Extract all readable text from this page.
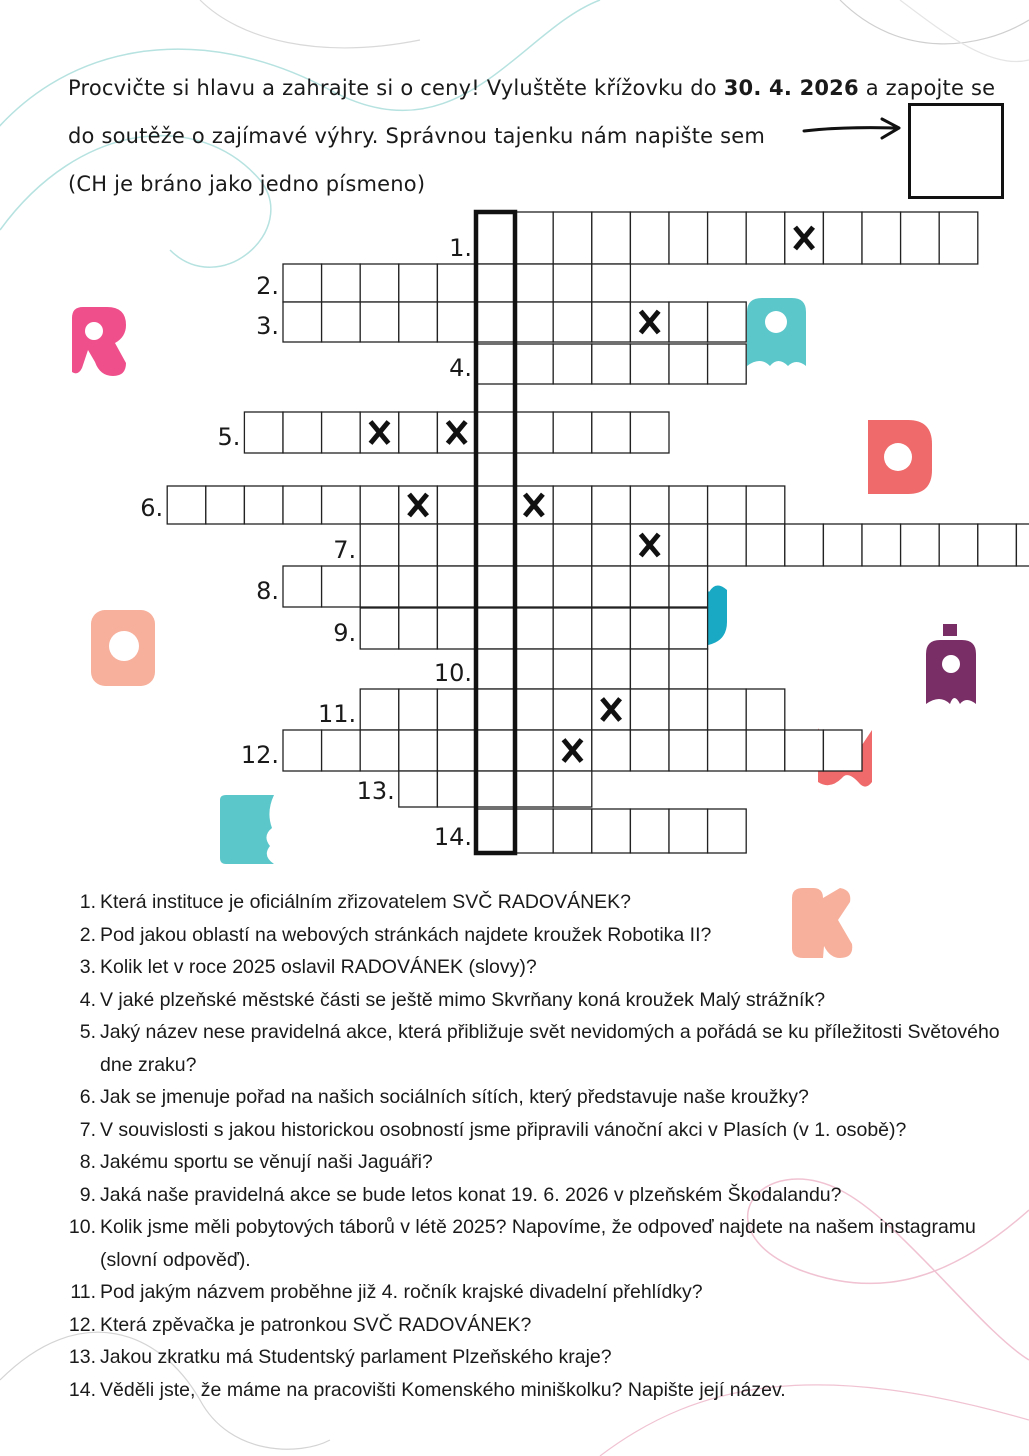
Procvičte si hlavu a zahrajte si o ceny! Vyluštěte křížovku do 30. 4. 2026 a zapojte se
do soutěže o zajímavé výhry. Správnou tajenku nám napište sem
(CH je bráno jako jedno písmeno)
1.
2.
3.
4.
5.
6.
7.
8.
9.
10.
11.
12.
13.
14.
1. Která instituce je oficiálním zřizovatelem SVČ RADOVÁNEK?
2. Pod jakou oblastí na webových stránkách najdete kroužek Robotika II?
3. Kolik let v roce 2025 oslavil RADOVÁNEK (slovy)?
4. V jaké plzeňské městské části se ještě mimo Skvrňany koná kroužek Malý strážník?
5. Jaký název nese pravidelná akce, která přibližuje svět nevidomých a pořádá se ku příležitosti Světového dne zraku?
6. Jak se jmenuje pořad na našich sociálních sítích, který představuje naše kroužky?
7. V souvislosti s jakou historickou osobností jsme připravili vánoční akci v Plasích (v 1. osobě)?
8. Jakému sportu se věnují naši Jaguáři?
9. Jaká naše pravidelná akce se bude letos konat 19. 6. 2026 v plzeňském Škodalandu?
10. Kolik jsme měli pobytových táborů v létě 2025? Napovíme, že odpoveď najdete na našem instagramu (slovní odpověď).
11. Pod jakým názvem proběhne již 4. ročník krajské divadelní přehlídky?
12. Která zpěvačka je patronkou SVČ RADOVÁNEK?
13. Jakou zkratku má Studentský parlament Plzeňského kraje?
14. Věděli jste, že máme na pracovišti Komenského miniškolku? Napište její název.
